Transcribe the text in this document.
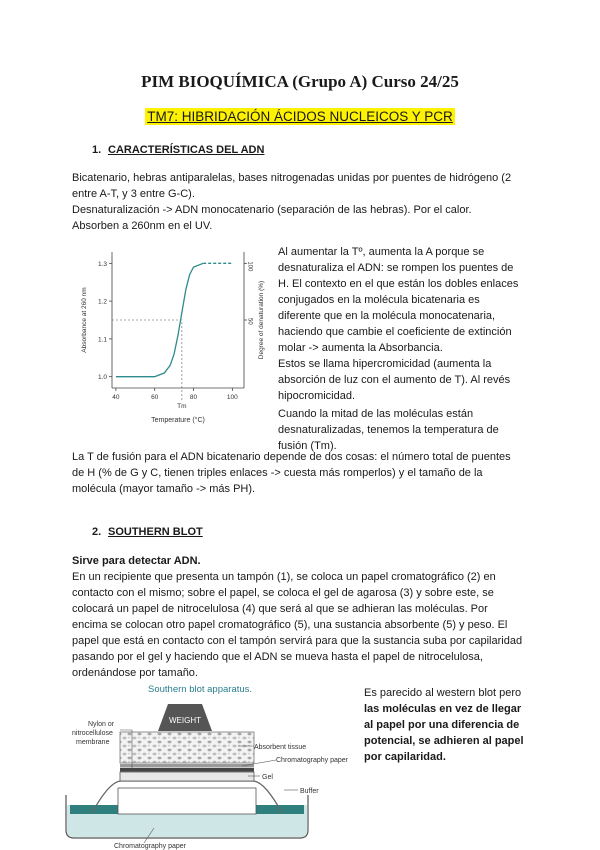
PIM BIOQUÍMICA (Grupo A) Curso 24/25
TM7: HIBRIDACIÓN ÁCIDOS NUCLEICOS Y PCR
1. CARACTERÍSTICAS DEL ADN
Bicatenario, hebras antiparalelas, bases nitrogenadas unidas por puentes de hidrógeno (2
entre A-T, y 3 entre G-C).
Desnaturalización -> ADN monocatenario (separación de las hebras). Por el calor.
Absorben a 260nm en el UV.
1.0
1.1
1.2
1.3
40	60	80	100
100
50
Tm
Temperature (°C)
Absorbance at 260 nm	Degree of denaturation (%)
Al aumentar la Tº, aumenta la A porque se
desnaturaliza el ADN: se rompen los puentes de
H. El contexto en el que están los dobles enlaces
conjugados en la molécula bicatenaria es
diferente que en la molécula monocatenaria,
haciendo que cambie el coeficiente de extinción
molar -> aumenta la Absorbancia.
Estos se llama hipercromicidad (aumenta la
absorción de luz con el aumento de T). Al revés
hipocromicidad.
Cuando la mitad de las moléculas están
desnaturalizadas, tenemos la temperatura de
fusión (Tm).
La T de fusión para el ADN bicatenario depende de dos cosas: el número total de puentes
de H (% de G y C, tienen triples enlaces -> cuesta más romperlos) y el tamaño de la
molécula (mayor tamaño -> más PH).
2. SOUTHERN BLOT
Sirve para detectar ADN.
En un recipiente que presenta un tampón (1), se coloca un papel cromatográfico (2) en
contacto con el mismo; sobre el papel, se coloca el gel de agarosa (3) y sobre este, se
colocará un papel de nitrocelulosa (4) que será al que se adhieran las moléculas. Por
encima se colocan otro papel cromatográfico (5), una sustancia absorbente (5) y peso. El
papel que está en contacto con el tampón servirá para que la sustancia suba por capilaridad
pasando por el gel y haciendo que el ADN se mueva hasta el papel de nitrocelulosa,
ordenándose por tamaño.
Es parecido al western blot pero
las moléculas en vez de llegar
al papel por una diferencia de
potencial, se adhieren al papel
por capilaridad.
Southern blot apparatus.
WEIGHT
Nylon or
nitrocellulose
membrane
Absorbent tissue
Chromatography paper
Gel
Buffer
Chromatography paper
